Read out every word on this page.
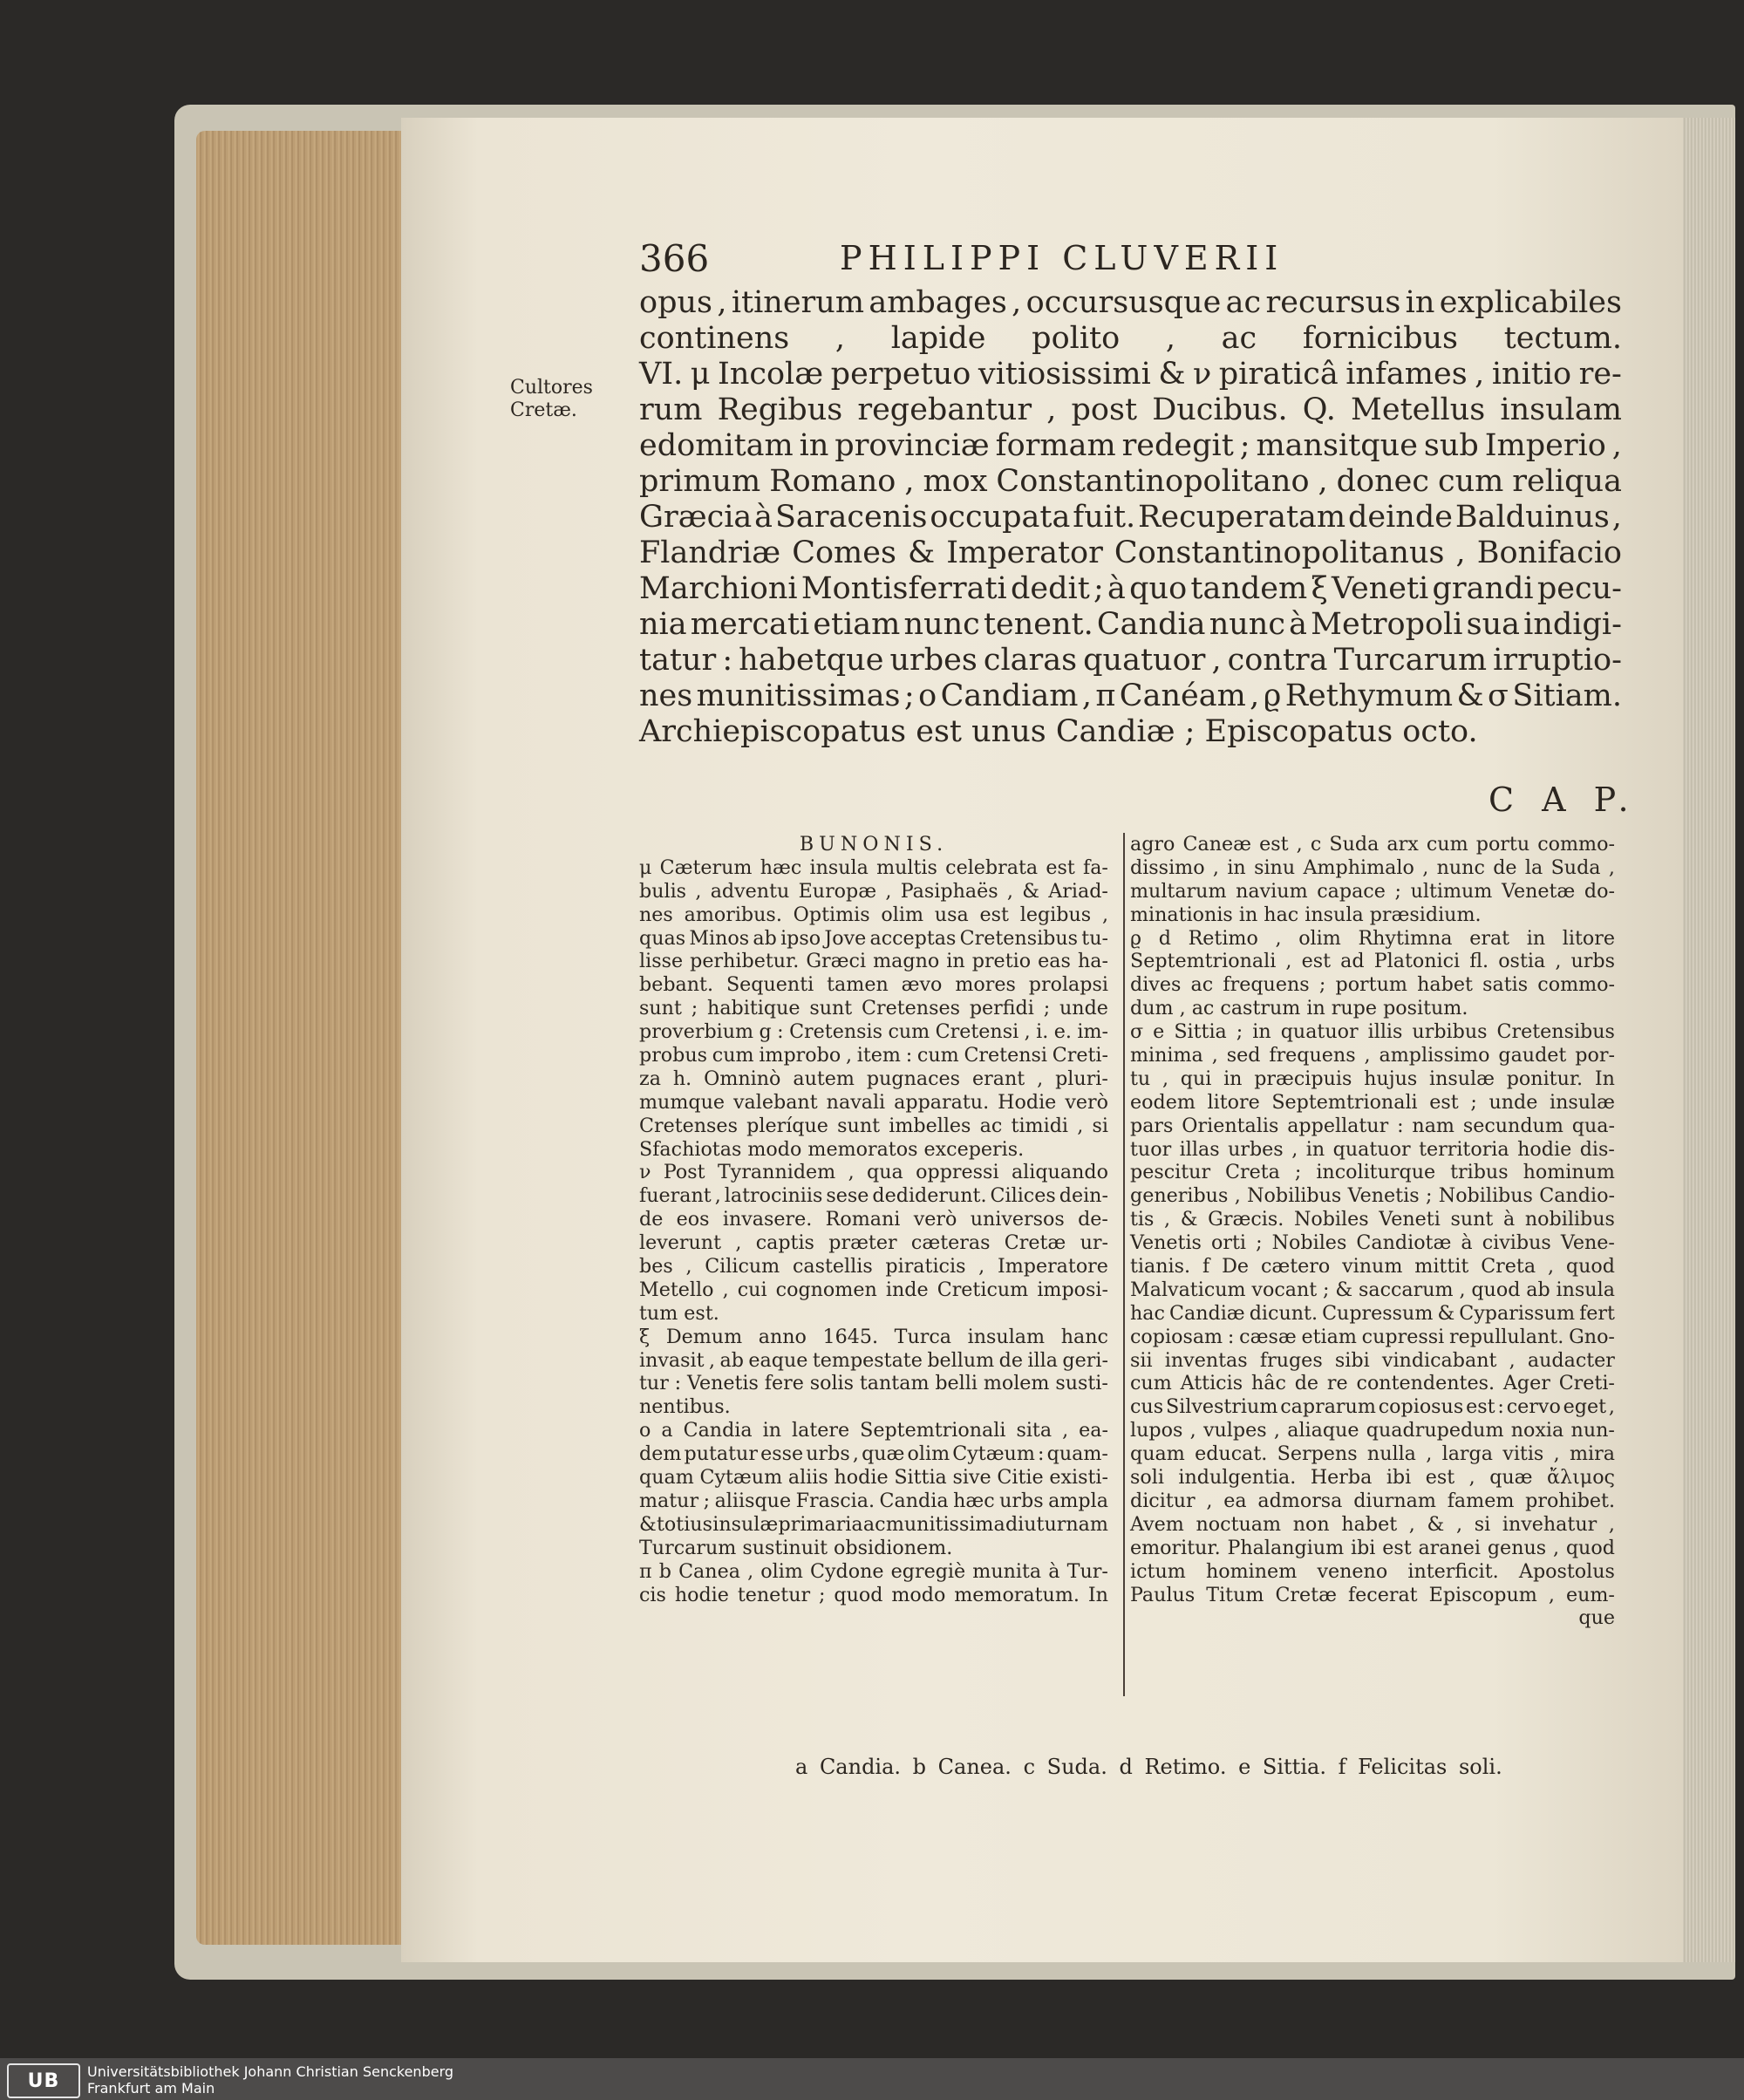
366	PHILIPPI CLUVERII
Cultores
Cretæ.
opus , itinerum ambages , occursusque ac recursus in explicabiles
continens , lapide polito , ac fornicibus tectum.
VI. μ Incolæ perpetuo vitiosissimi & ν piraticâ infames , initio re-
rum Regibus regebantur , post Ducibus. Q. Metellus insulam
edomitam in provinciæ formam redegit ; mansitque sub Imperio ,
primum Romano , mox Constantinopolitano , donec cum reliqua
Græcia à Saracenis occupata fuit. Recuperatam deinde Balduinus ,
Flandriæ Comes & Imperator Constantinopolitanus , Bonifacio
Marchioni Montisferrati dedit ; à quo tandem ξ Veneti grandi pecu-
nia mercati etiam nunc tenent. Candia nunc à Metropoli sua indigi-
tatur : habetque urbes claras quatuor , contra Turcarum irruptio-
nes munitissimas ; ο Candiam , π Canéam , ϱ Rethymum & σ Sitiam.
Archiepiscopatus est unus Candiæ ; Episcopatus octo.
C A P.
BUNONIS.
μ Cæterum hæc insula multis celebrata est fa-
bulis , adventu Europæ , Pasiphaës , & Ariad-
nes amoribus. Optimis olim usa est legibus ,
quas Minos ab ipso Jove acceptas Cretensibus tu-
lisse perhibetur. Græci magno in pretio eas ha-
bebant. Sequenti tamen ævo mores prolapsi
sunt ; habitique sunt Cretenses perfidi ; unde
proverbium g : Cretensis cum Cretensi , i. e. im-
probus cum improbo , item : cum Cretensi Creti-
za h. Omninò autem pugnaces erant , pluri-
mumque valebant navali apparatu. Hodie verò
Cretenses pleríque sunt imbelles ac timidi , si
Sfachiotas modo memoratos exceperis.
ν Post Tyrannidem , qua oppressi aliquando
fuerant , latrociniis sese dediderunt. Cilices dein-
de eos invasere. Romani verò universos de-
leverunt , captis præter cæteras Cretæ ur-
bes , Cilicum castellis piraticis , Imperatore
Metello , cui cognomen inde Creticum imposi-
tum est.
ξ Demum anno 1645. Turca insulam hanc
invasit , ab eaque tempestate bellum de illa geri-
tur : Venetis fere solis tantam belli molem susti-
nentibus.
ο a Candia in latere Septemtrionali sita , ea-
dem putatur esse urbs , quæ olim Cytæum : quam-
quam Cytæum aliis hodie Sittia sive Citie existi-
matur ; aliisque Frascia. Candia hæc urbs ampla
& totius insulæ primaria ac munitissima diuturnam
Turcarum sustinuit obsidionem.
π b Canea , olim Cydone egregiè munita à Tur-
cis hodie tenetur ; quod modo memoratum. In
agro Caneæ est , c Suda arx cum portu commo-
dissimo , in sinu Amphimalo , nunc de la Suda ,
multarum navium capace ; ultimum Venetæ do-
minationis in hac insula præsidium.
ϱ d Retimo , olim Rhytimna erat in litore
Septemtrionali , est ad Platonici fl. ostia , urbs
dives ac frequens ; portum habet satis commo-
dum , ac castrum in rupe positum.
σ e Sittia ; in quatuor illis urbibus Cretensibus
minima , sed frequens , amplissimo gaudet por-
tu , qui in præcipuis hujus insulæ ponitur. In
eodem litore Septemtrionali est ; unde insulæ
pars Orientalis appellatur : nam secundum qua-
tuor illas urbes , in quatuor territoria hodie dis-
pescitur Creta ; incoliturque tribus hominum
generibus , Nobilibus Venetis ; Nobilibus Candio-
tis , & Græcis. Nobiles Veneti sunt à nobilibus
Venetis orti ; Nobiles Candiotæ à civibus Vene-
tianis. f De cætero vinum mittit Creta , quod
Malvaticum vocant ; & saccarum , quod ab insula
hac Candiæ dicunt. Cupressum & Cyparissum fert
copiosam : cæsæ etiam cupressi repullulant. Gno-
sii inventas fruges sibi vindicabant , audacter
cum Atticis hâc de re contendentes. Ager Creti-
cus Silvestrium caprarum copiosus est : cervo eget ,
lupos , vulpes , aliaque quadrupedum noxia nun-
quam educat. Serpens nulla , larga vitis , mira
soli indulgentia. Herba ibi est , quæ ἄλιμος
dicitur , ea admorsa diurnam famem prohibet.
Avem noctuam non habet , & , si invehatur ,
emoritur. Phalangium ibi est aranei genus , quod
ictum hominem veneno interficit. Apostolus
Paulus Titum Cretæ fecerat Episcopum , eum-
que
a Candia. b Canea. c Suda. d Retimo. e Sittia. f Felicitas soli.
UB	Universitätsbibliothek Johann Christian Senckenberg
Frankfurt am Main
